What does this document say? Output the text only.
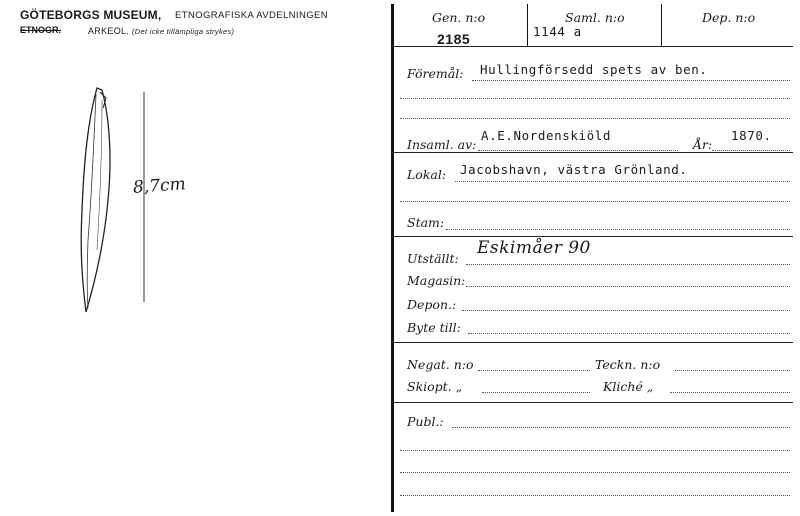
GÖTEBORGS MUSEUM, ETNOGRAFISKA AVDELNINGEN
ETNOGR.	ARKEOL. (Det icke tillämpliga strykes)
8,7cm
Gen. n:o
2185
Saml. n:o
1144 a
Dep. n:o
Föremål: Hullingförsedd spets av ben.
Insaml. av:
A.E.Nordenskiöld
År:
1870.
Lokal: Jacobshavn, västra Grönland.
Stam:
Utställt:
Eskimåer 90
Magasin:
Depon.:
Byte till:
Negat. n:o	Teckn. n:o
Skiopt. „	Kliché „
Publ.:
